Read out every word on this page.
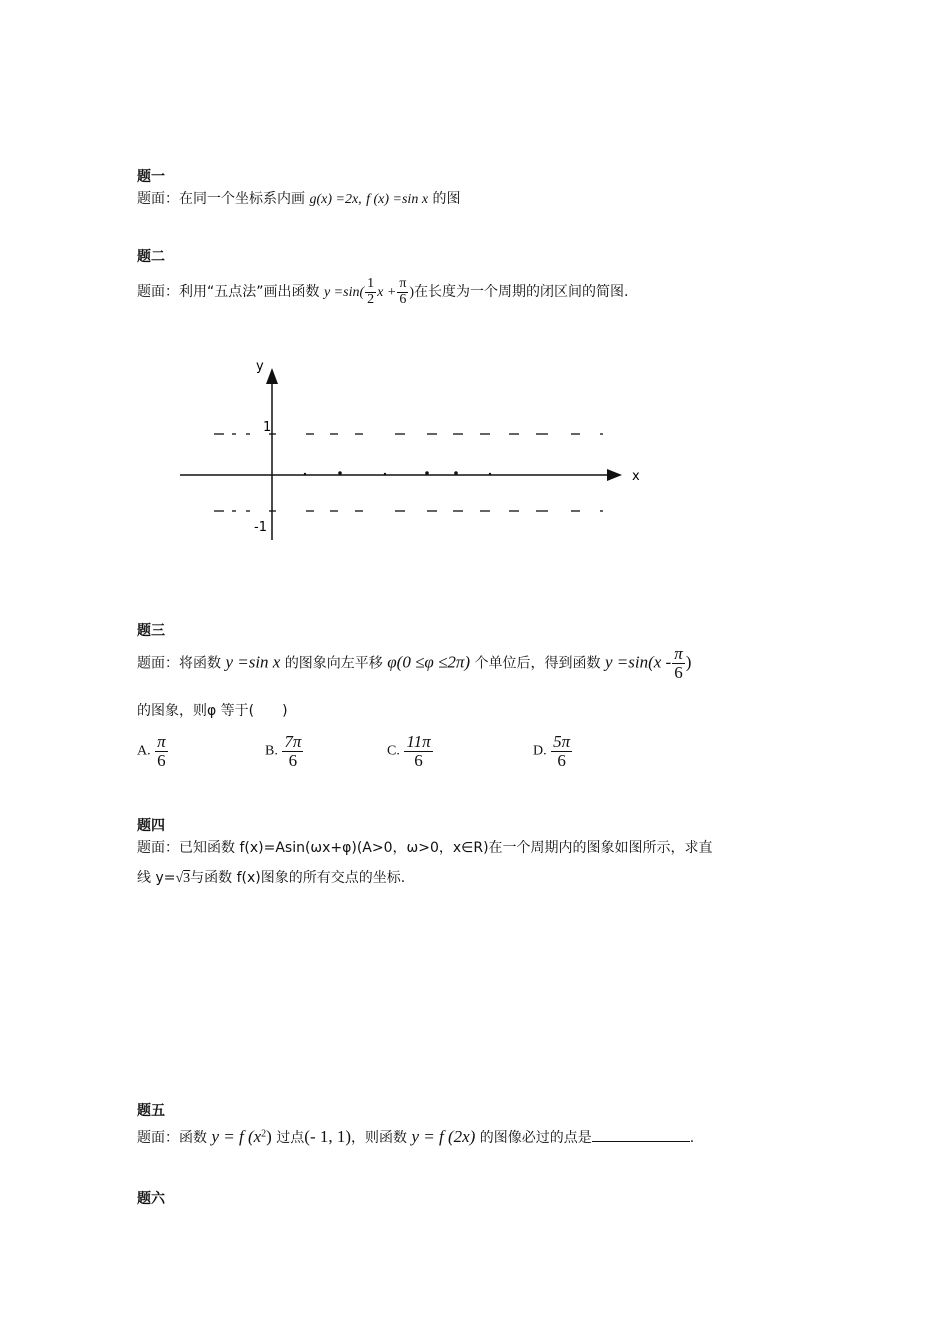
题一
题面：在同一个坐标系内画 g(x) =2x, f (x) =sin x 的图
题二
题面：利用“五点法”画出函数 $y =\sin( \frac{1}{2}$ $x + \frac{\pi}{6}$ )在长度为一个周期的闭区间的简图.
y
x
1
-1
题三
题面：将函数 y =sin x 的图象向左平移 φ(0 ≤φ ≤2π) 个单位后，得到函数 $y =\sin(x - \frac{\pi}{6}$ )
的图象，则φ 等于(　　)
A. $\frac{\pi}{6}$	B. $\frac{7\pi}{6}$	C. $\frac{11\pi}{6}$	D. $\frac{5\pi}{6}$
题四
题面：已知函数 f(x)=Asin(ωx+φ)(A>0，ω>0，x∈R)在一个周期内的图象如图所示，求直
线 y=√3与函数 f(x)图象的所有交点的坐标.
题五
题面：函数 y = f $(x^2)$ 过点(- 1, 1)，则函数 y = f (2x) 的图像必过的点是	.
题六
